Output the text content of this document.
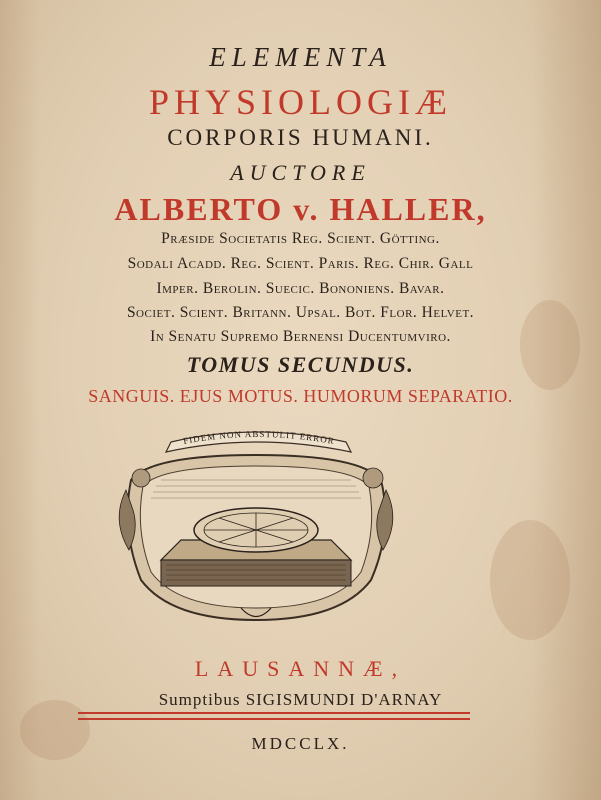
ELEMENTA
PHYSIOLOGIÆ
CORPORIS HUMANI.
AUCTORE
ALBERTO v. HALLER,
Præside Societatis Reg. Scient. Götting.
Sodali Acadd. Reg. Scient. Paris. Reg. Chir. Gall
Imper. Berolin. Suecic. Bononiens. Bavar.
Societ. Scient. Britann. Upsal. Bot. Flor. Helvet.
In Senatu Supremo Bernensi Ducentumviro.
TOMUS SECUNDUS.
SANGUIS. EJUS MOTUS. HUMORUM SEPARATIO.
FIDEM NON ABSTULIT ERROR
LAUSANNÆ,
Sumptibus SIGISMUNDI D'ARNAY
MDCCLX.
